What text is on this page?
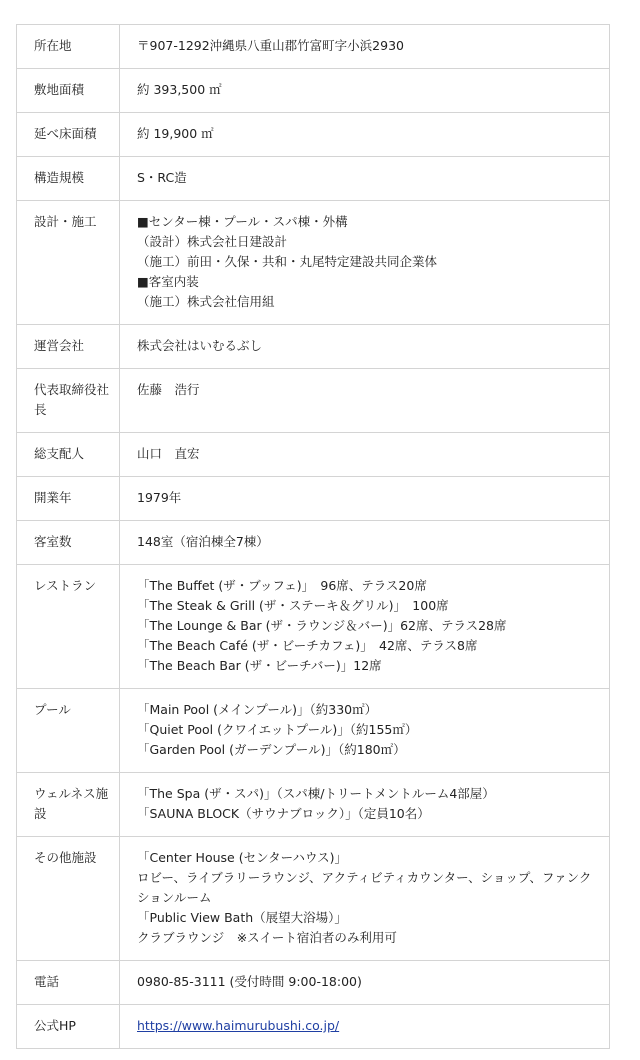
所在地	〒907-1292沖縄県八重山郡竹富町字小浜2930

敷地面積	約 393,500 ㎡

延べ床面積	約 19,900 ㎡

構造規模	S・RC造

設計・施工	■センター棟・プール・スパ棟・外構
（設計）株式会社日建設計
（施工）前田・久保・共和・丸尾特定建設共同企業体
■客室内装
（施工）株式会社信用組

運営会社	株式会社はいむるぶし

代表取締役社長	佐藤　浩行

総支配人	山口　直宏

開業年	1979年

客室数	148室（宿泊棟全7棟）

レストラン	「The Buffet (ザ・ブッフェ)」　96席、テラス20席
「The Steak & Grill (ザ・ステーキ＆グリル)」　100席
「The Lounge & Bar (ザ・ラウンジ＆バー)」62席、テラス28席
「The Beach Café (ザ・ビーチカフェ)」　42席、テラス8席
「The Beach Bar (ザ・ビーチバー)」12席

プール	「Main Pool (メインプール)」（約330㎡）
「Quiet Pool (クワイエットプール)」（約155㎡）
「Garden Pool (ガーデンプール)」（約180㎡）

ウェルネス施設	「The Spa (ザ・スパ)」（スパ棟/トリートメントルーム4部屋）
「SAUNA BLOCK（サウナブロック）」（定員10名）

その他施設	「Center House (センターハウス)」
ロビー、ライブラリーラウンジ、アクティビティカウンター、ショップ、ファンクションルーム
「Public View Bath（展望大浴場）」
クラブラウンジ　※スイート宿泊者のみ利用可

電話	0980-85-3111 (受付時間 9:00-18:00)

公式HP	https://www.haimurubushi.co.jp/
